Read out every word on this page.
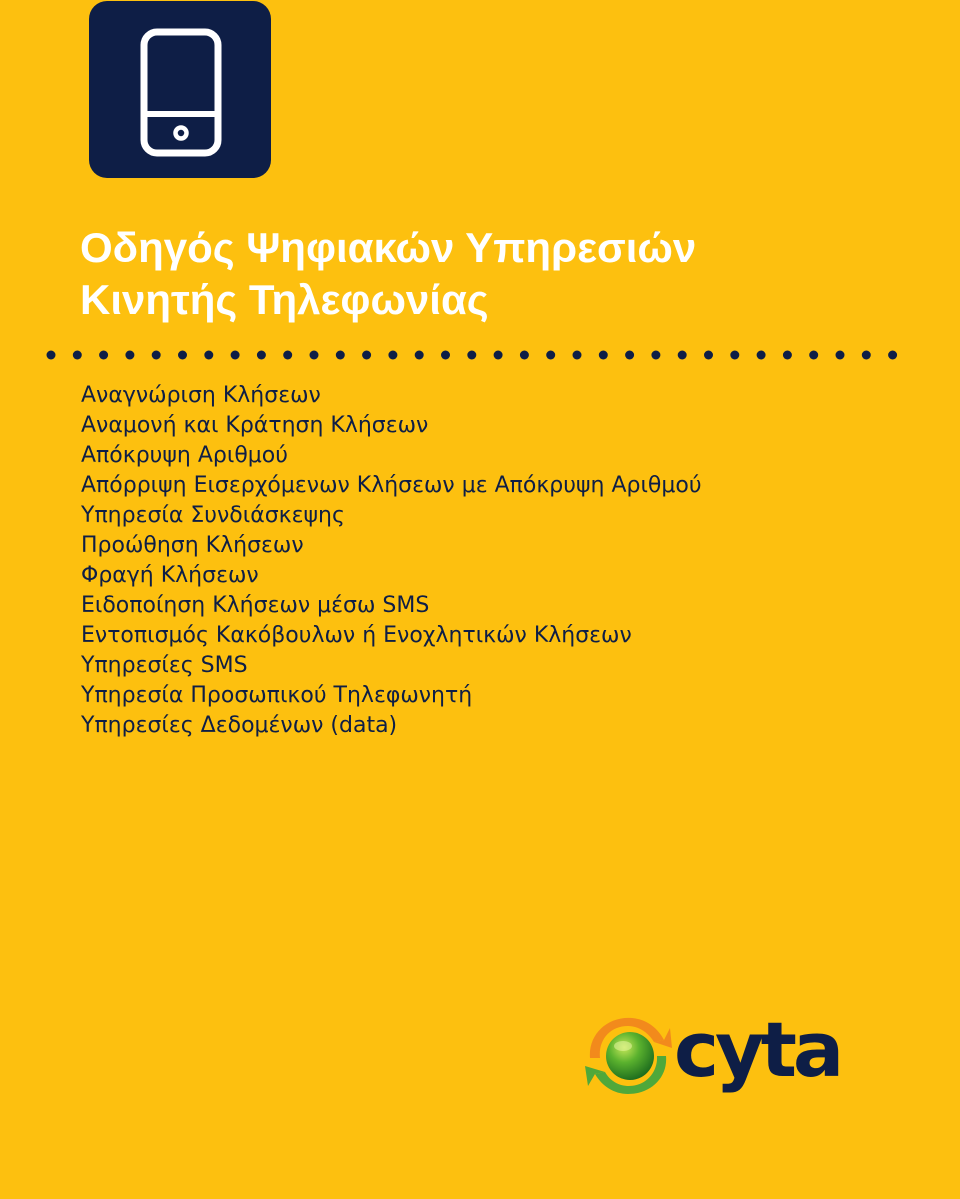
Οδηγός Ψηφιακών Υπηρεσιών
Κινητής Τηλεφωνίας
Αναγνώριση Κλήσεων
Αναμονή και Κράτηση Κλήσεων
Απόκρυψη Αριθμού
Απόρριψη Εισερχόμενων Κλήσεων με Απόκρυψη Αριθμού
Υπηρεσία Συνδιάσκεψης
Προώθηση Κλήσεων
Φραγή Κλήσεων
Ειδοποίηση Κλήσεων μέσω SMS
Εντοπισμός Κακόβουλων ή Ενοχλητικών Κλήσεων
Υπηρεσίες SMS
Υπηρεσία Προσωπικού Τηλεφωνητή
Υπηρεσίες Δεδομένων (data)
cyta
